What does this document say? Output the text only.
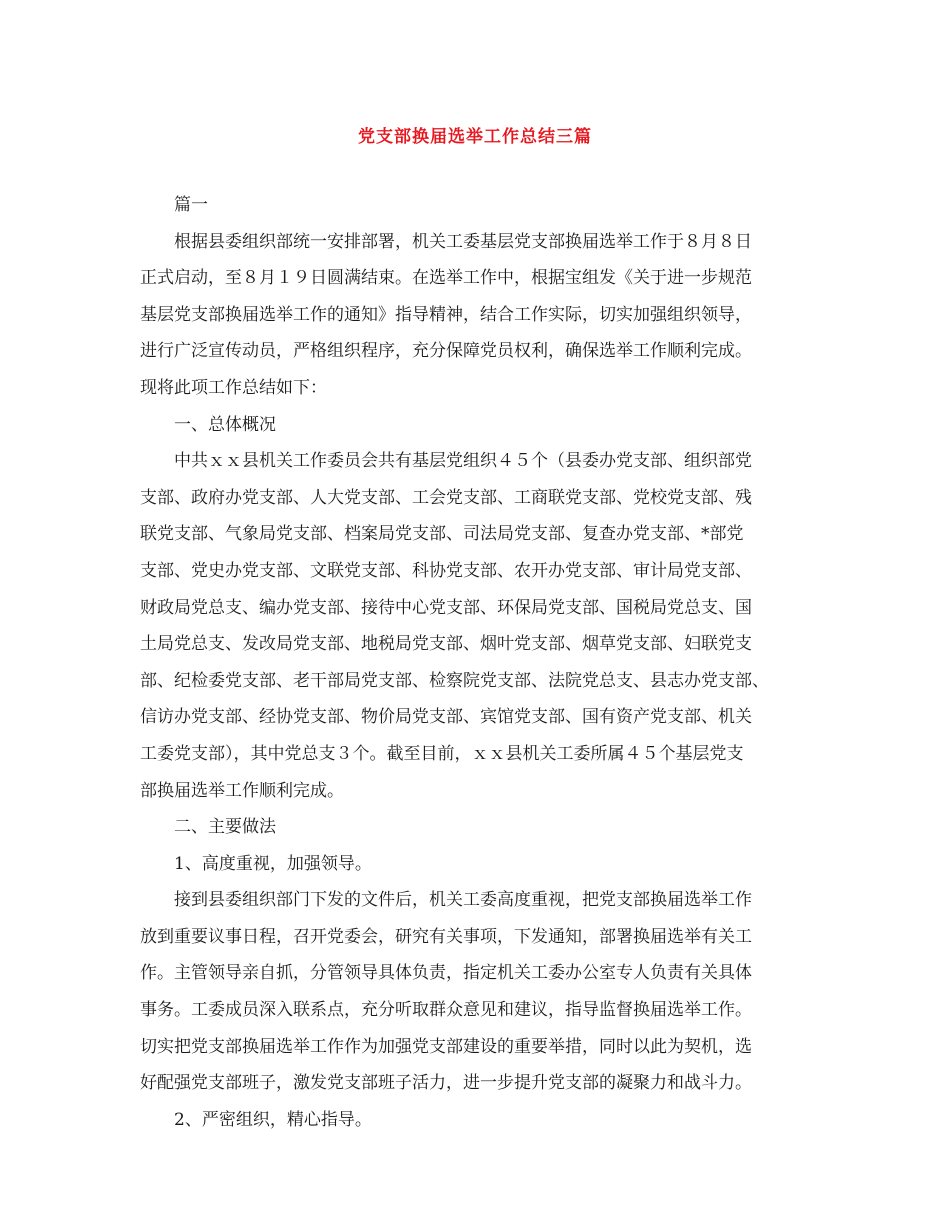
党支部换届选举工作总结三篇
篇一
根据县委组织部统一安排部署，机关工委基层党支部换届选举工作于８月８日
正式启动，至８月１９日圆满结束。在选举工作中，根据宝组发《关于进一步规范
基层党支部换届选举工作的通知》指导精神，结合工作实际，切实加强组织领导，
进行广泛宣传动员，严格组织程序，充分保障党员权利，确保选举工作顺利完成。
现将此项工作总结如下：
一、总体概况
中共ｘｘ县机关工作委员会共有基层党组织４５个（县委办党支部、组织部党
支部、政府办党支部、人大党支部、工会党支部、工商联党支部、党校党支部、残
联党支部、气象局党支部、档案局党支部、司法局党支部、复查办党支部、*部党
支部、党史办党支部、文联党支部、科协党支部、农开办党支部、审计局党支部、
财政局党总支、编办党支部、接待中心党支部、环保局党支部、国税局党总支、国
土局党总支、发改局党支部、地税局党支部、烟叶党支部、烟草党支部、妇联党支
部、纪检委党支部、老干部局党支部、检察院党支部、法院党总支、县志办党支部、
信访办党支部、经协党支部、物价局党支部、宾馆党支部、国有资产党支部、机关
工委党支部），其中党总支３个。截至目前，ｘｘ县机关工委所属４５个基层党支
部换届选举工作顺利完成。
二、主要做法
1、高度重视，加强领导。
接到县委组织部门下发的文件后，机关工委高度重视，把党支部换届选举工作
放到重要议事日程，召开党委会，研究有关事项，下发通知，部署换届选举有关工
作。主管领导亲自抓，分管领导具体负责，指定机关工委办公室专人负责有关具体
事务。工委成员深入联系点，充分听取群众意见和建议，指导监督换届选举工作。
切实把党支部换届选举工作作为加强党支部建设的重要举措，同时以此为契机，选
好配强党支部班子，激发党支部班子活力，进一步提升党支部的凝聚力和战斗力。
2、严密组织，精心指导。
